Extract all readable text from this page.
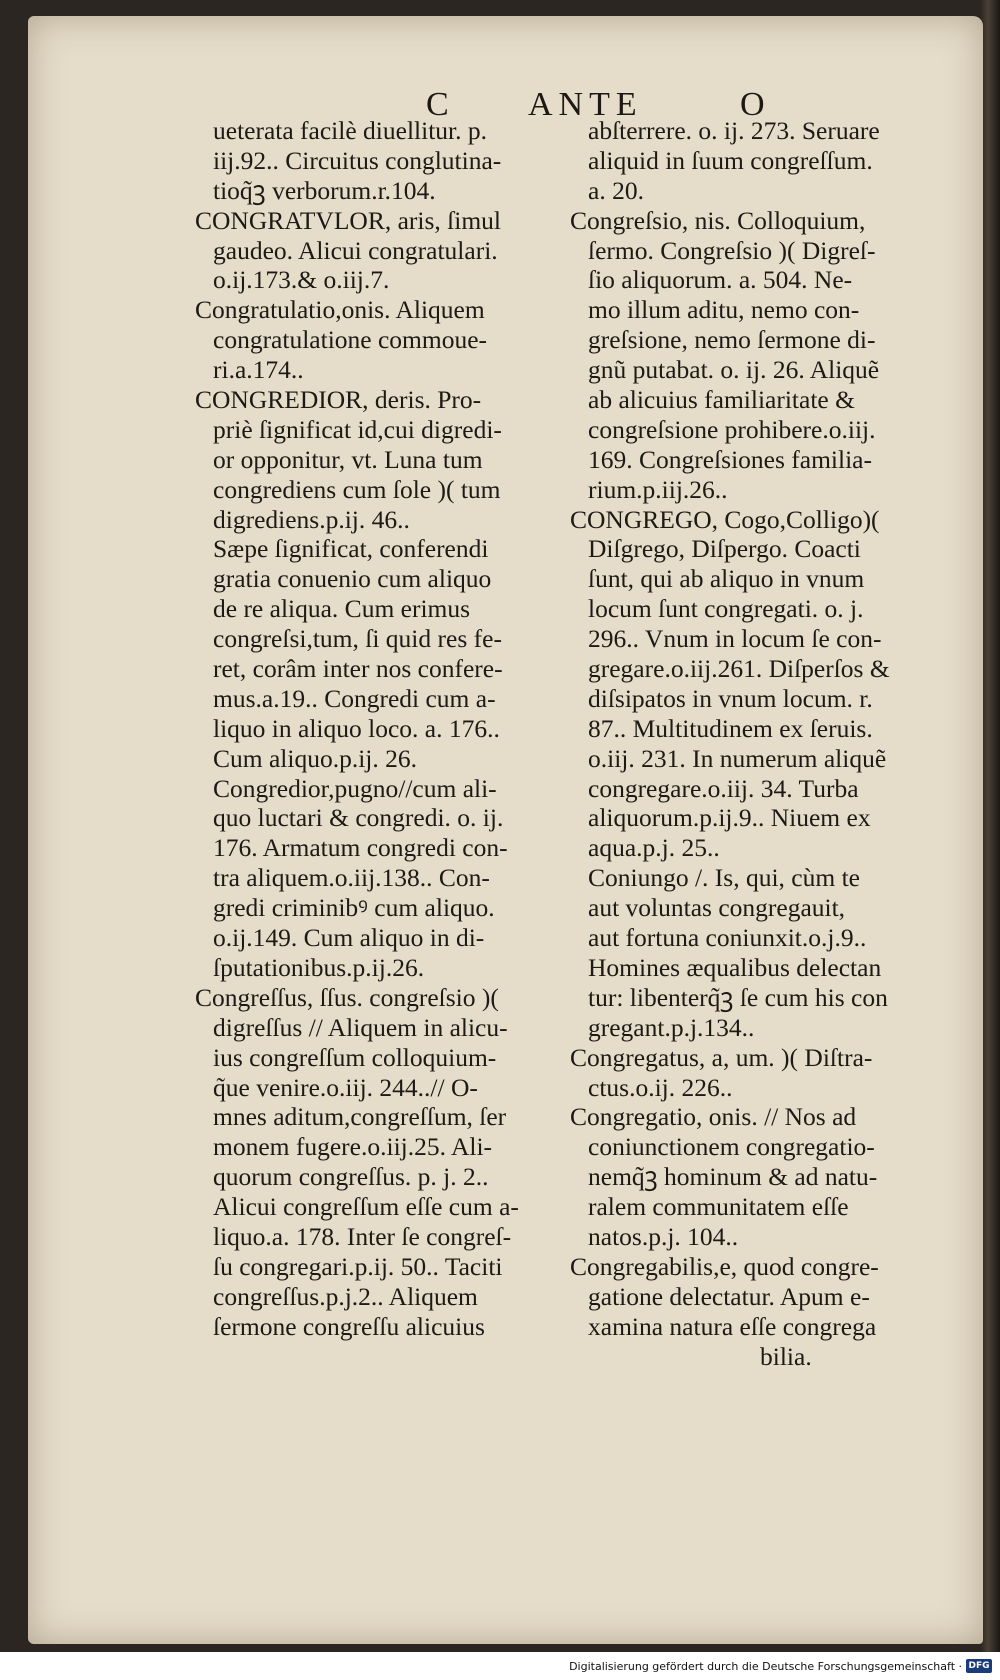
C ANTE	O
ueterata facilè diuellitur. p.
iij.92.. Circuitus conglutina-
tioq̃ꝫ verborum.r.104.
CONGRATVLOR, aris, ſimul
gaudeo. Alicui congratulari.
o.ij.173.& o.iij.7.
Congratulatio,onis. Aliquem
congratulatione commoue-
ri.a.174..
CONGREDIOR, deris. Pro-
priè ſignificat id,cui digredi-
or opponitur, vt. Luna tum
congrediens cum ſole )( tum
digrediens.p.ij. 46..
Sæpe ſignificat, conferendi
gratia conuenio cum aliquo
de re aliqua. Cum erimus
congreſsi,tum, ſi quid res fe-
ret, corâm inter nos confere-
mus.a.19.. Congredi cum a-
liquo in aliquo loco. a. 176..
Cum aliquo.p.ij. 26.
Congredior,pugno//cum ali-
quo luctari & congredi. o. ij.
176. Armatum congredi con-
tra aliquem.o.iij.138.. Con-
gredi criminibꝰ cum aliquo.
o.ij.149. Cum aliquo in di-
ſputationibus.p.ij.26.
Congreſſus, ſſus. congreſsio )(
digreſſus // Aliquem in alicu-
ius congreſſum colloquium-
q̃ue venire.o.iij. 244..// O-
mnes aditum,congreſſum, ſer
monem fugere.o.iij.25. Ali-
quorum congreſſus. p. j. 2..
Alicui congreſſum eſſe cum a-
liquo.a. 178. Inter ſe congreſ-
ſu congregari.p.ij. 50.. Taciti
congreſſus.p.j.2.. Aliquem
ſermone congreſſu alicuius
abſterrere. o. ij. 273. Seruare
aliquid in ſuum congreſſum.
a. 20.
Congreſsio, nis. Colloquium,
ſermo. Congreſsio )( Digreſ-
ſio aliquorum. a. 504. Ne-
mo illum aditu, nemo con-
greſsione, nemo ſermone di-
gnũ putabat. o. ij. 26. Aliquẽ
ab alicuius familiaritate &
congreſsione prohibere.o.iij.
169. Congreſsiones familia-
rium.p.iij.26..
CONGREGO, Cogo,Colligo)(
Diſgrego, Diſpergo. Coacti
ſunt, qui ab aliquo in vnum
locum ſunt congregati. o. j.
296.. Vnum in locum ſe con-
gregare.o.iij.261. Diſperſos &
diſsipatos in vnum locum. r.
87.. Multitudinem ex ſeruis.
o.iij. 231. In numerum aliquẽ
congregare.o.iij. 34. Turba
aliquorum.p.ij.9.. Niuem ex
aqua.p.j. 25..
Coniungo /. Is, qui, cùm te
aut voluntas congregauit,
aut fortuna coniunxit.o.j.9..
Homines æqualibus delectan
tur: libenterq̃ꝫ ſe cum his con
gregant.p.j.134..
Congregatus, a, um. )( Diſtra-
ctus.o.ij. 226..
Congregatio, onis. // Nos ad
coniunctionem congregatio-
nemq̃ꝫ hominum & ad natu-
ralem communitatem eſſe
natos.p.j. 104..
Congregabilis,e, quod congre-
gatione delectatur. Apum e-
xamina natura eſſe congrega
bilia.
Digitalisierung gefördert durch die Deutsche Forschungsgemeinschaft · DFG
